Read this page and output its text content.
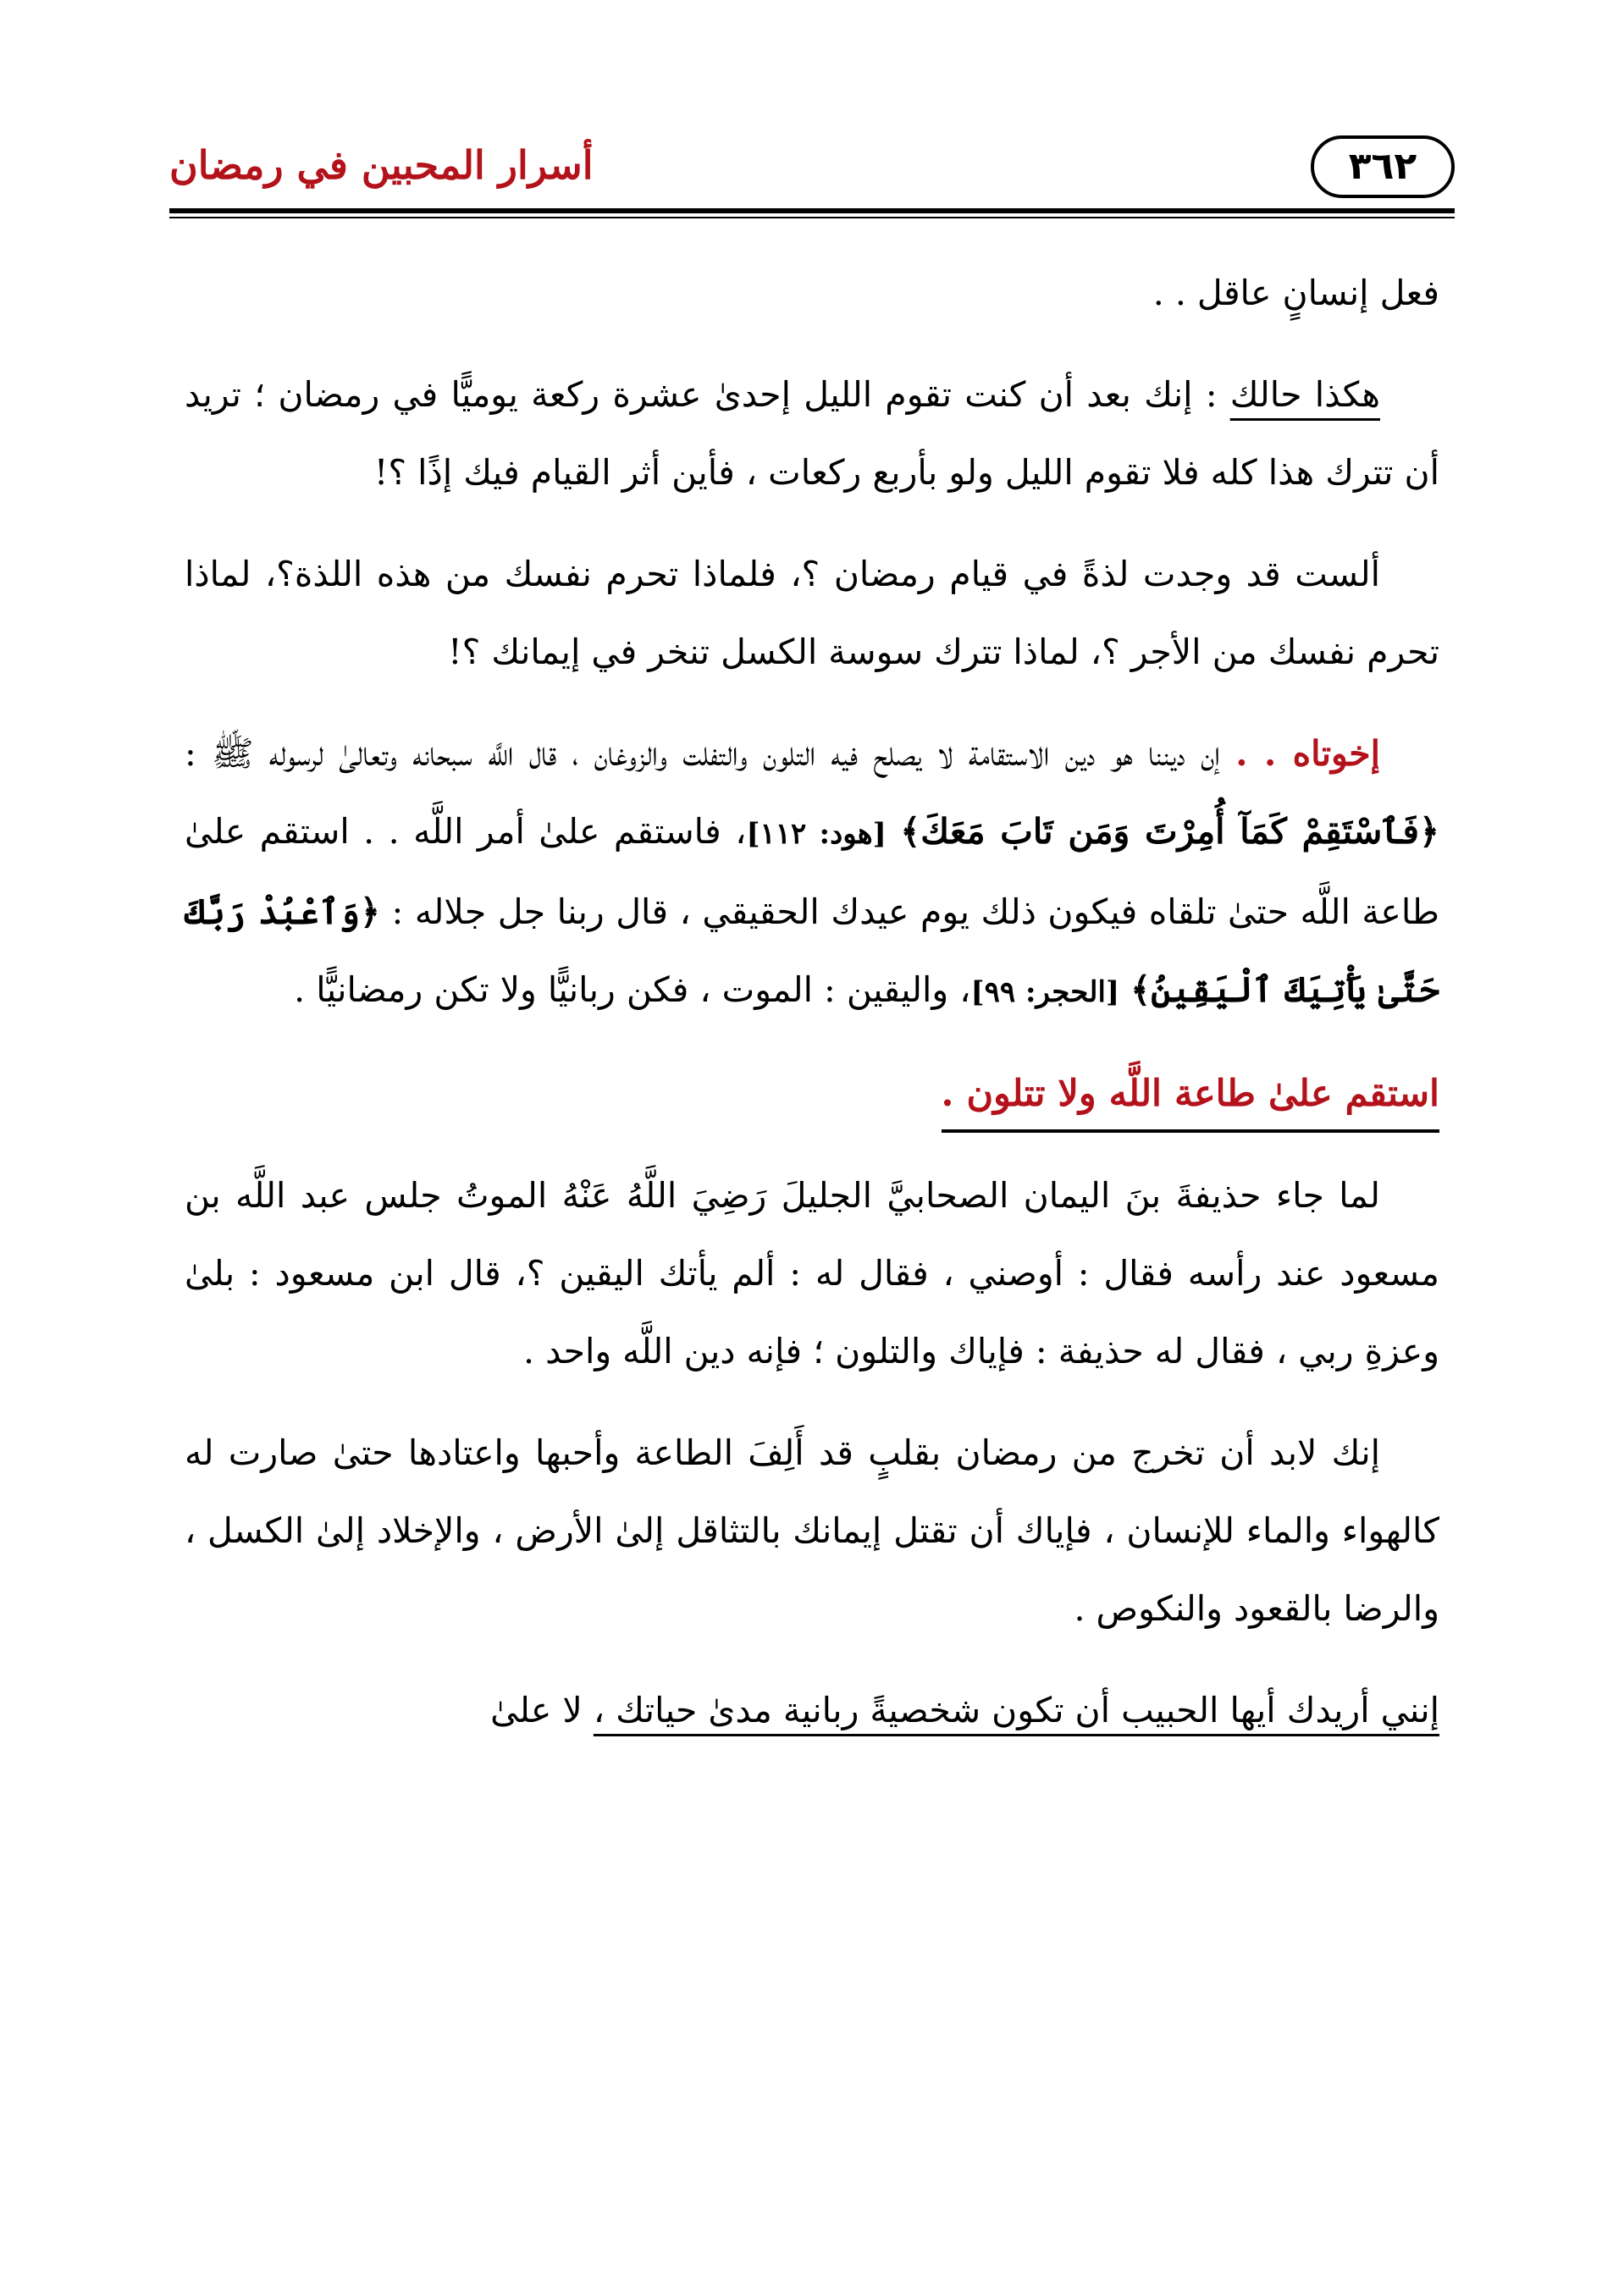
أسرار المحبين في رمضان	٣٦٢

فعل إنسانٍ عاقل . .

هكذا حالك : إنك بعد أن كنت تقوم الليل إحدىٰ عشرة ركعة يوميًّا في رمضان ؛ تريد أن تترك هذا كله فلا تقوم الليل ولو بأربع ركعات ، فأين أثر القيام فيك إذًا ؟!

ألست قد وجدت لذةً في قيام رمضان ؟، فلماذا تحرم نفسك من هذه اللذة؟، لماذا تحرم نفسك من الأجر ؟، لماذا تترك سوسة الكسل تنخر في إيمانك ؟!

إخوتاه . . إن ديننا هو دين الاستقامة لا يصلح فيه التلون والتفلت والزوغان ، قال اللَّه سبحانه وتعالىٰ لرسوله ﷺ : ﴿فَٱسْتَقِمْ كَمَآ أُمِرْتَ وَمَن تَابَ مَعَكَ﴾ [هود: ١١٢]، فاستقم علىٰ أمر اللَّه . . استقم علىٰ طاعة اللَّه حتىٰ تلقاه فيكون ذلك يوم عيدك الحقيقي ، قال ربنا جل جلاله : ﴿وَٱعْبُدْ رَبَّكَ حَتَّىٰ يَأْتِيَكَ ٱلْيَقِينُ﴾ [الحجر: ٩٩]، واليقين : الموت ، فكن ربانيًّا ولا تكن رمضانيًّا .

استقم علىٰ طاعة اللَّه ولا تتلون .

لما جاء حذيفةَ بنَ اليمان الصحابيَّ الجليلَ رَضِيَ اللَّهُ عَنْهُ الموتُ جلس عبد اللَّه بن مسعود عند رأسه فقال : أوصني ، فقال له : ألم يأتك اليقين ؟، قال ابن مسعود : بلىٰ وعزةِ ربي ، فقال له حذيفة : فإياك والتلون ؛ فإنه دين اللَّه واحد .

إنك لابد أن تخرج من رمضان بقلبٍ قد أَلِفَ الطاعة وأحبها واعتادها حتىٰ صارت له كالهواء والماء للإنسان ، فإياك أن تقتل إيمانك بالتثاقل إلىٰ الأرض ، والإخلاد إلىٰ الكسل ، والرضا بالقعود والنكوص .

إنني أريدك أيها الحبيب أن تكون شخصيةً ربانية مدىٰ حياتك ، لا علىٰ
